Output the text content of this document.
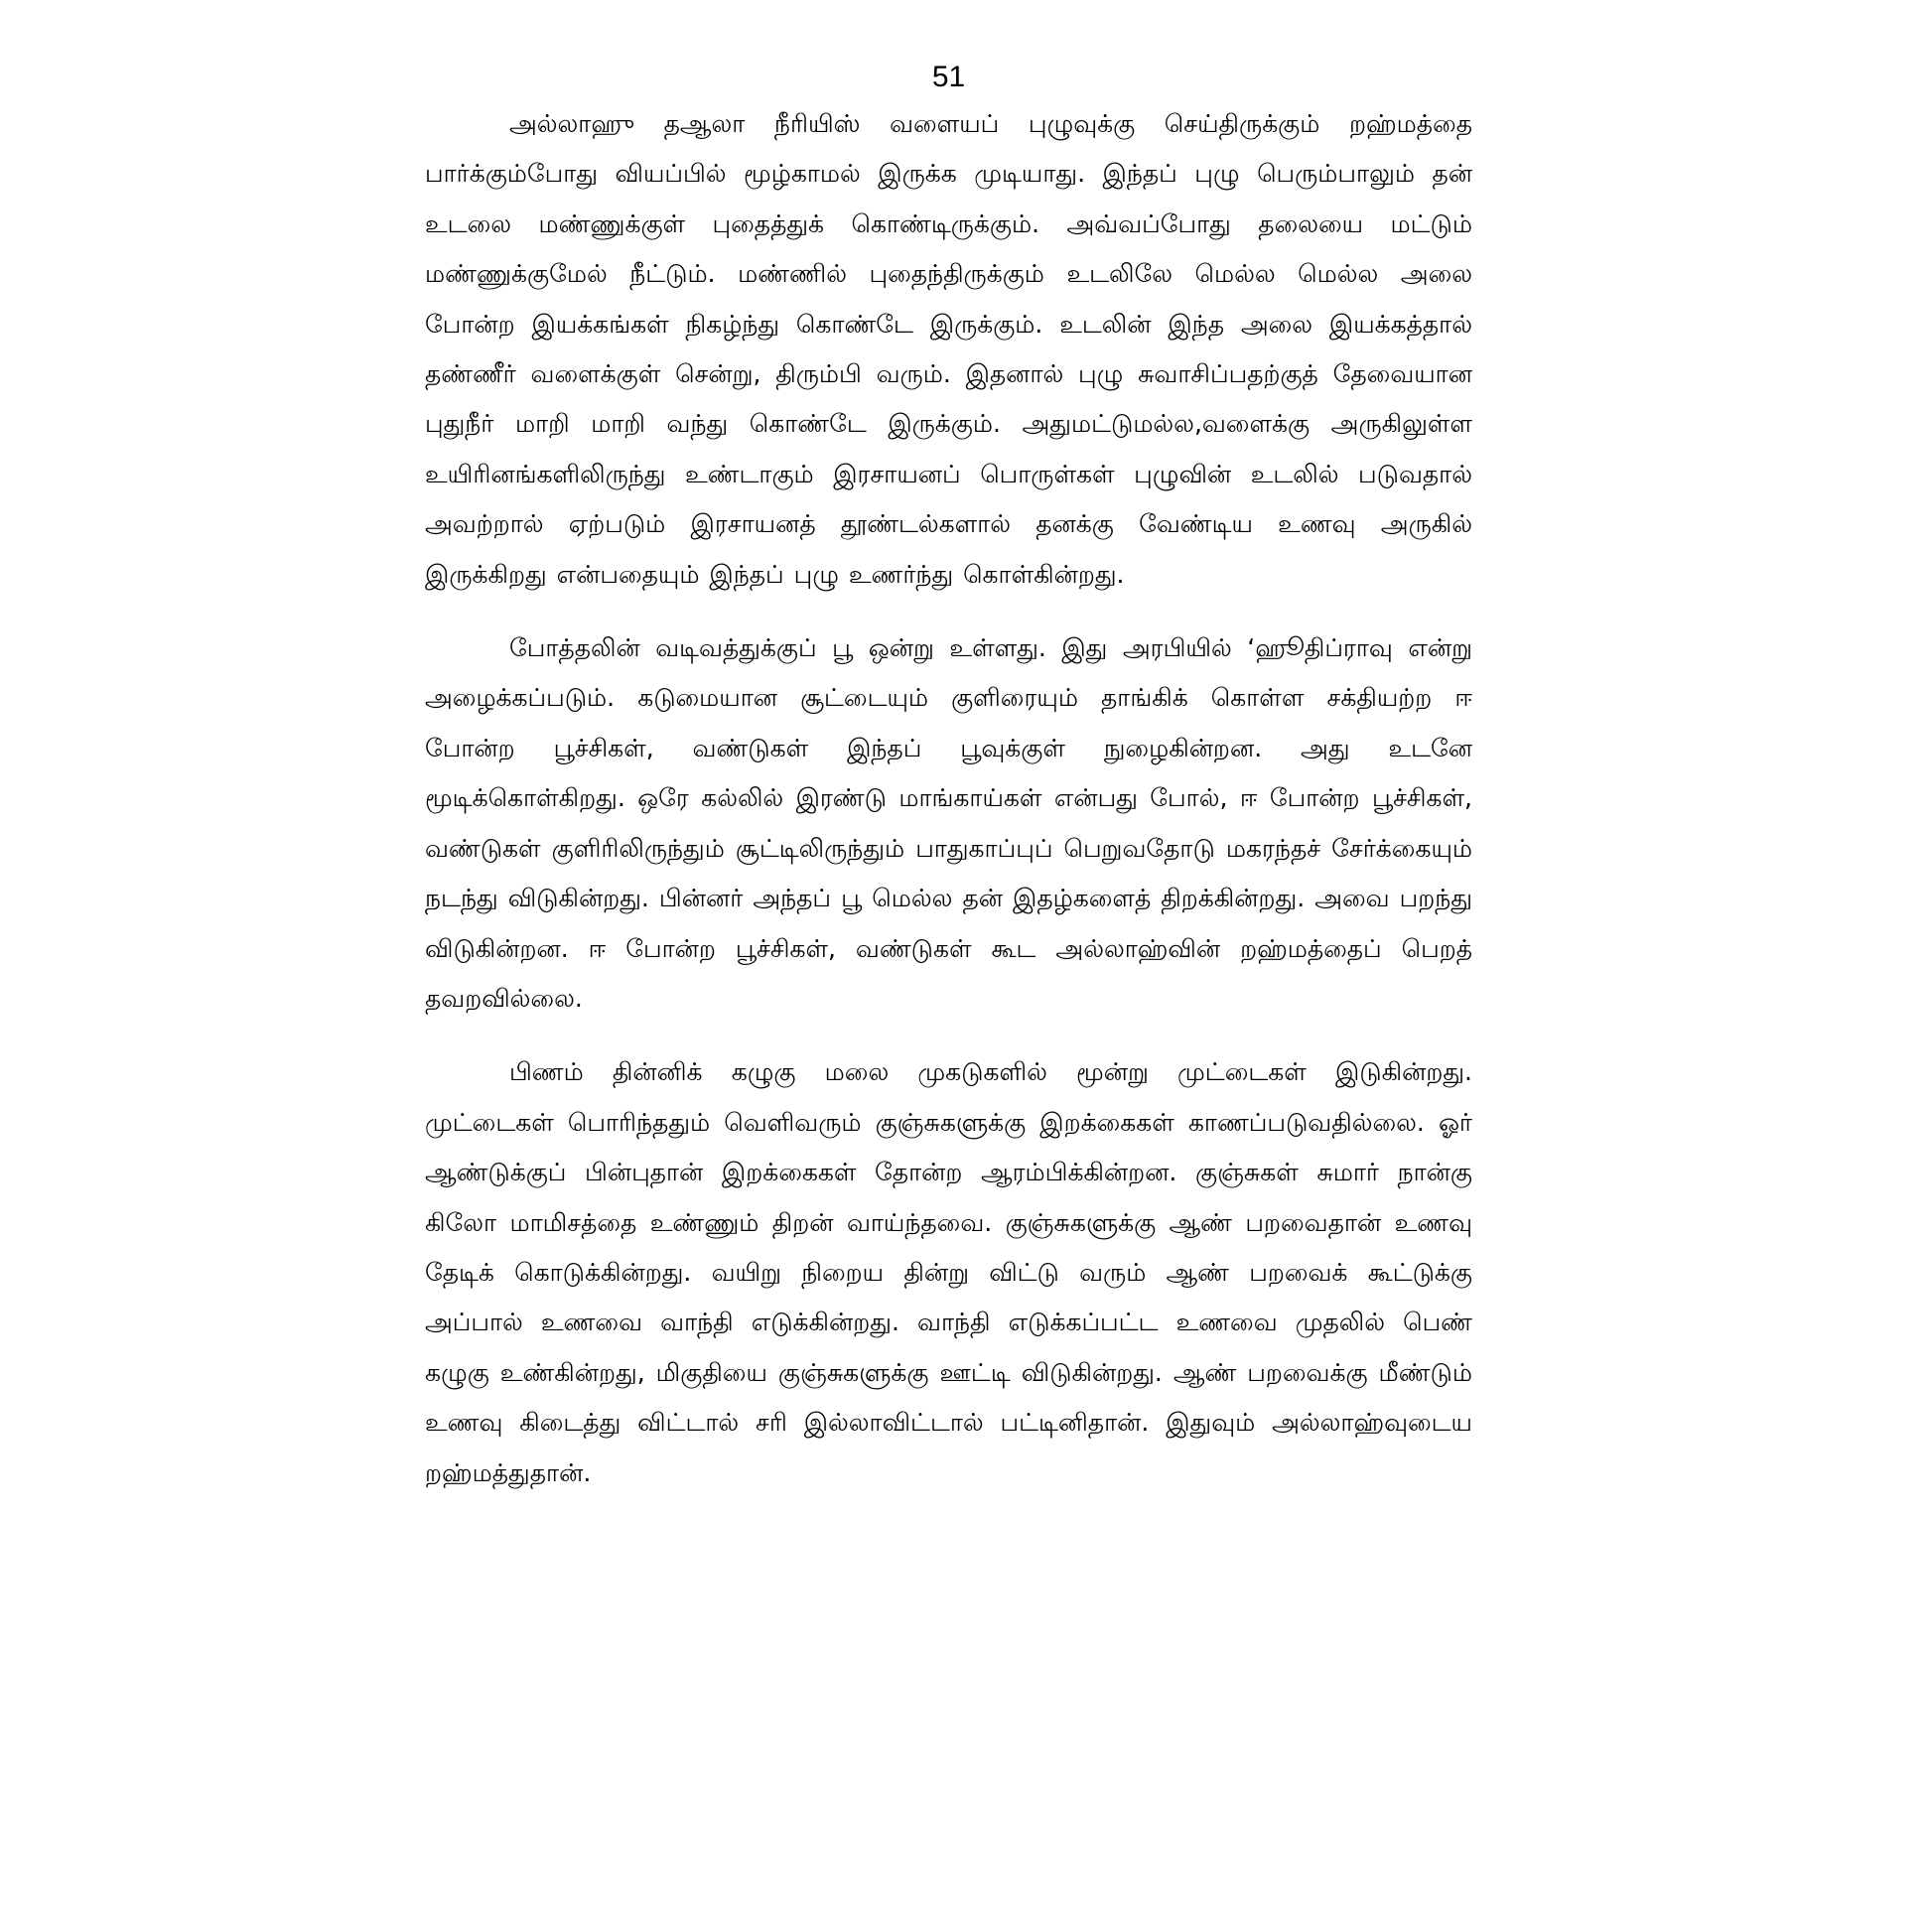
51

அல்லாஹு தஆலா நீரியிஸ் வளையப் புழுவுக்கு செய்திருக்கும் றஹ்மத்தை பார்க்கும்போது வியப்பில் மூழ்காமல் இருக்க முடியாது. இந்தப் புழு பெரும்பாலும் தன் உடலை மண்ணுக்குள் புதைத்துக் கொண்டிருக்கும். அவ்வப்போது தலையை மட்டும் மண்ணுக்குமேல் நீட்டும். மண்ணில் புதைந்திருக்கும் உடலிலே மெல்ல மெல்ல அலை போன்ற இயக்கங்கள் நிகழ்ந்து கொண்டே இருக்கும். உடலின் இந்த அலை இயக்கத்தால் தண்ணீர் வளைக்குள் சென்று, திரும்பி வரும். இதனால் புழு சுவாசிப்பதற்குத் தேவையான புதுநீர் மாறி மாறி வந்து கொண்டே இருக்கும். அதுமட்டுமல்ல,வளைக்கு அருகிலுள்ள உயிரினங்களிலிருந்து உண்டாகும் இரசாயனப் பொருள்கள் புழுவின் உடலில் படுவதால் அவற்றால் ஏற்படும் இரசாயனத் தூண்டல்களால் தனக்கு வேண்டிய உணவு அருகில் இருக்கிறது என்பதையும் இந்தப் புழு உணர்ந்து கொள்கின்றது.

போத்தலின் வடிவத்துக்குப் பூ ஒன்று உள்ளது. இது அரபியில் ‘ஹூதிப்ராவு என்று அழைக்கப்படும். கடுமையான சூட்டையும் குளிரையும் தாங்கிக் கொள்ள சக்தியற்ற ஈ போன்ற பூச்சிகள், வண்டுகள் இந்தப் பூவுக்குள் நுழைகின்றன. அது உடனே மூடிக்கொள்கிறது. ஒரே கல்லில் இரண்டு மாங்காய்கள் என்பது போல், ஈ போன்ற பூச்சிகள், வண்டுகள் குளிரிலிருந்தும் சூட்டிலிருந்தும் பாதுகாப்புப் பெறுவதோடு மகரந்தச் சேர்க்கையும் நடந்து விடுகின்றது. பின்னர் அந்தப் பூ மெல்ல தன் இதழ்களைத் திறக்கின்றது. அவை பறந்து விடுகின்றன. ஈ போன்ற பூச்சிகள், வண்டுகள் கூட அல்லாஹ்வின் றஹ்மத்தைப் பெறத் தவறவில்லை.

பிணம் தின்னிக் கழுகு மலை முகடுகளில் மூன்று முட்டைகள் இடுகின்றது. முட்டைகள் பொரிந்ததும் வெளிவரும் குஞ்சுகளுக்கு இறக்கைகள் காணப்படுவதில்லை. ஓர் ஆண்டுக்குப் பின்புதான் இறக்கைகள் தோன்ற ஆரம்பிக்கின்றன. குஞ்சுகள் சுமார் நான்கு கிலோ மாமிசத்தை உண்ணும் திறன் வாய்ந்தவை. குஞ்சுகளுக்கு ஆண் பறவைதான் உணவு தேடிக் கொடுக்கின்றது. வயிறு நிறைய தின்று விட்டு வரும் ஆண் பறவைக் கூட்டுக்கு அப்பால் உணவை வாந்தி எடுக்கின்றது. வாந்தி எடுக்கப்பட்ட உணவை முதலில் பெண் கழுகு உண்கின்றது, மிகுதியை குஞ்சுகளுக்கு ஊட்டி விடுகின்றது. ஆண் பறவைக்கு மீண்டும் உணவு கிடைத்து விட்டால் சரி இல்லாவிட்டால் பட்டினிதான். இதுவும் அல்லாஹ்வுடைய றஹ்மத்துதான்.
